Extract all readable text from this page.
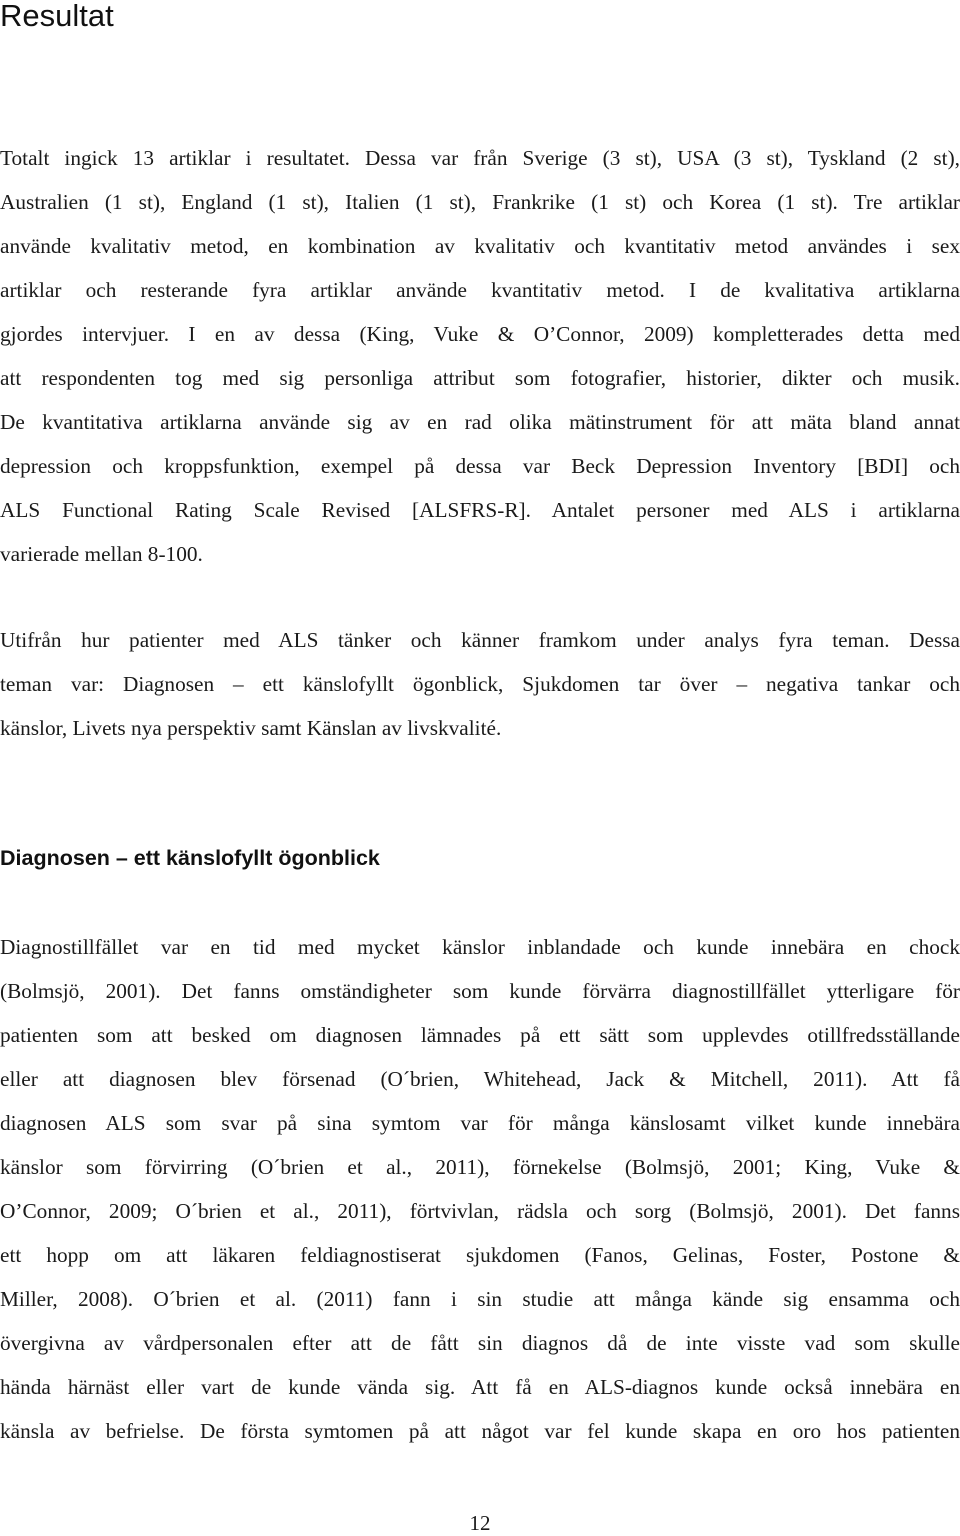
Resultat
Totalt ingick 13 artiklar i resultatet. Dessa var från Sverige (3 st), USA (3 st), Tyskland (2 st),
Australien (1 st), England (1 st), Italien (1 st), Frankrike (1 st) och Korea (1 st). Tre artiklar
använde kvalitativ metod, en kombination av kvalitativ och kvantitativ metod användes i sex
artiklar och resterande fyra artiklar använde kvantitativ metod. I de kvalitativa artiklarna
gjordes intervjuer. I en av dessa (King, Vuke & O’Connor, 2009) kompletterades detta med
att respondenten tog med sig personliga attribut som fotografier, historier, dikter och musik.
De kvantitativa artiklarna använde sig av en rad olika mätinstrument för att mäta bland annat
depression och kroppsfunktion, exempel på dessa var Beck Depression Inventory [BDI] och
ALS Functional Rating Scale Revised [ALSFRS-R]. Antalet personer med ALS i artiklarna
varierade mellan 8-100.
Utifrån hur patienter med ALS tänker och känner framkom under analys fyra teman. Dessa
teman var: Diagnosen – ett känslofyllt ögonblick, Sjukdomen tar över – negativa tankar och
känslor, Livets nya perspektiv samt Känslan av livskvalité.
Diagnosen – ett känslofyllt ögonblick
Diagnostillfället var en tid med mycket känslor inblandade och kunde innebära en chock
(Bolmsjö, 2001). Det fanns omständigheter som kunde förvärra diagnostillfället ytterligare för
patienten som att besked om diagnosen lämnades på ett sätt som upplevdes otillfredsställande
eller att diagnosen blev försenad (O´brien, Whitehead, Jack & Mitchell, 2011). Att få
diagnosen ALS som svar på sina symtom var för många känslosamt vilket kunde innebära
känslor som förvirring (O´brien et al., 2011), förnekelse (Bolmsjö, 2001; King, Vuke &
O’Connor, 2009; O´brien et al., 2011), förtvivlan, rädsla och sorg (Bolmsjö, 2001). Det fanns
ett hopp om att läkaren feldiagnostiserat sjukdomen (Fanos, Gelinas, Foster, Postone &
Miller, 2008). O´brien et al. (2011) fann i sin studie att många kände sig ensamma och
övergivna av vårdpersonalen efter att de fått sin diagnos då de inte visste vad som skulle
hända härnäst eller vart de kunde vända sig. Att få en ALS-diagnos kunde också innebära en
känsla av befrielse. De första symtomen på att något var fel kunde skapa en oro hos patienten
12
